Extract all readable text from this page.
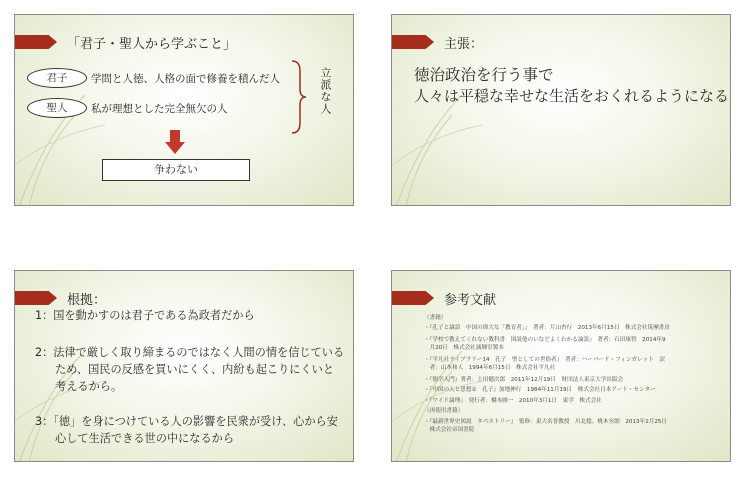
「君子・聖人から学ぶこと」
君子	学問と人徳、人格の面で修養を積んだ人
聖人	私が理想とした完全無欠の人	立派な人
争わない
主張：
徳治政治を行う事で
人々は平穏な幸せな生活をおくれるようになる
根拠：
1：国を動かすのは君子である為政者だから
2：法律で厳しく取り締まるのではなく人間の情を信じている
ため、国民の反感を買いにくく、内紛も起こりにくいと
考えるから。
3：「徳」を身につけている人の影響を民衆が受け、心から安
心して生活できる世の中になるから
参考文献
（書籍）
・『孔子と論語　中国の偉大な「教育者」』　著者：片山杏行　2013年6月15日　株式会社筑摩書房
・『学校で教えてくれない教科書　図説他のいなどよくわかる論語』　著者：石田琢智　2014年9
　月20日　株式会社誠輝堂製本
・『平凡社ライブラリー14　孔子　聖としての世俗者』　著者：ハーバード・フィンガレット　訳
　者：山本和人　1994年6月15日　株式会社平凡社
・『儒学入門』著者：土田健次郎　2011年12月19日　財団法人東京大学出版会
・『中国の人と思想①　孔子』加地伸行　1984年11月19日　株式会社日本アート・センター
・『ワイド論理』　発行者：橋本圓一　2010年3月1日　東学　株式会社
（再使用書籍）
・『最新世界史図説　タペストリー』　監修：東大名誉教授　川北稔、桃木至朗　2013年2月25日
　株式会社帝国書院
